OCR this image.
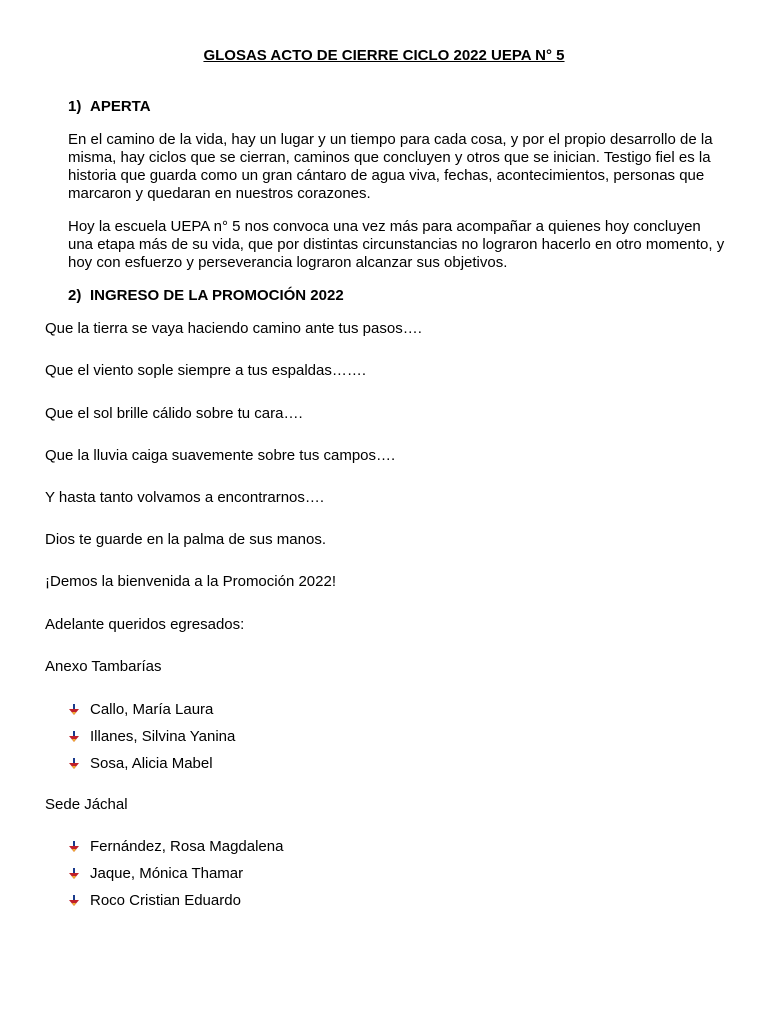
GLOSAS ACTO DE CIERRE CICLO 2022 UEPA N° 5
1) APERTA

En el camino de la vida, hay un lugar y un tiempo para cada cosa, y por el propio desarrollo de la misma, hay ciclos que se cierran, caminos que concluyen y otros que se inician. Testigo fiel es la historia que guarda como un gran cántaro de agua viva, fechas, acontecimientos, personas que marcaron y quedaran en nuestros corazones.

Hoy la escuela UEPA n° 5 nos convoca una vez más para acompañar a quienes hoy concluyen una etapa más de su vida, que por distintas circunstancias no lograron hacerlo en otro momento, y hoy con esfuerzo y perseverancia lograron alcanzar sus objetivos.

2) INGRESO DE LA PROMOCIÓN 2022

Que la tierra se vaya haciendo camino ante tus pasos….

Que el viento sople siempre a tus espaldas…….

Que el sol brille cálido sobre tu cara….

Que la lluvia caiga suavemente sobre tus campos….

Y hasta tanto volvamos a encontrarnos….

Dios te guarde en la palma de sus manos.

¡Demos la bienvenida a la Promoción 2022!

Adelante queridos egresados:

Anexo Tambarías

Callo, María Laura
Illanes, Silvina Yanina
Sosa, Alicia Mabel

Sede Jáchal

Fernández, Rosa Magdalena
Jaque, Mónica Thamar
Roco Cristian Eduardo
